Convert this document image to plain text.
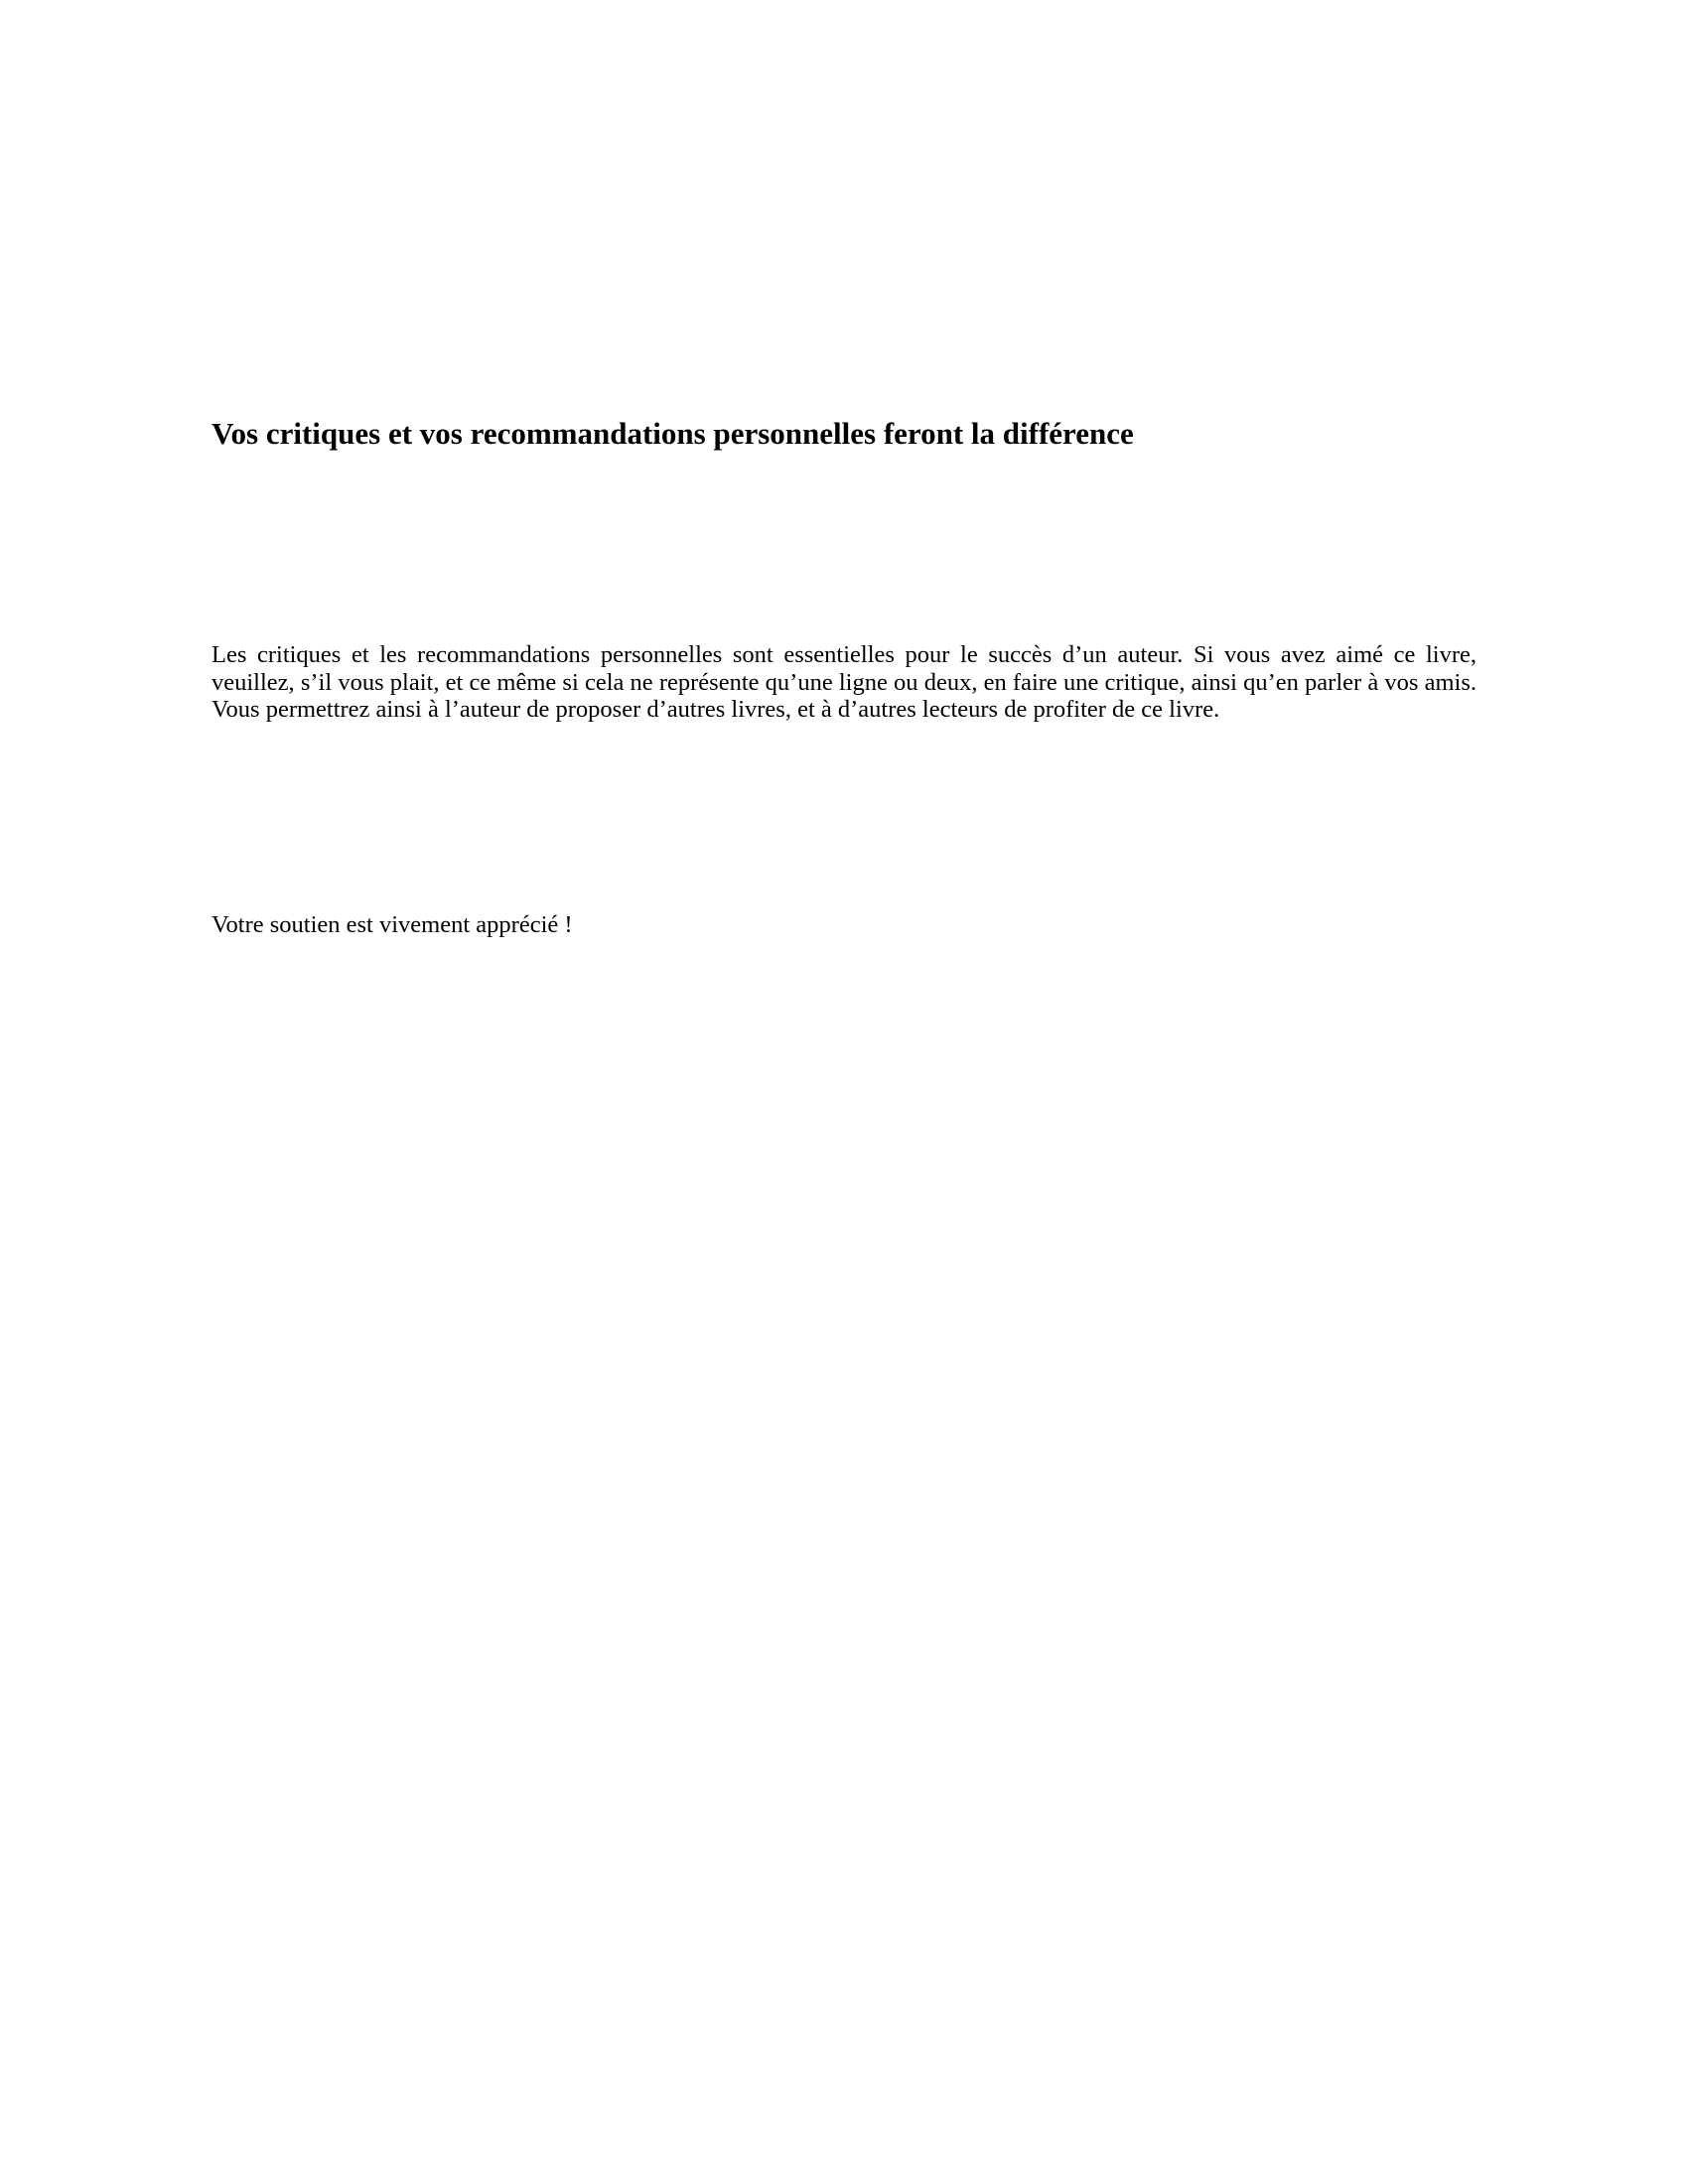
Vos critiques et vos recommandations personnelles feront la différence

Les critiques et les recommandations personnelles sont essentielles pour le succès d’un auteur. Si vous avez aimé ce livre, veuillez, s’il vous plait, et ce même si cela ne représente qu’une ligne ou deux, en faire une critique, ainsi qu’en parler à vos amis. Vous permettrez ainsi à l’auteur de proposer d’autres livres, et à d’autres lecteurs de profiter de ce livre.

Votre soutien est vivement apprécié !
